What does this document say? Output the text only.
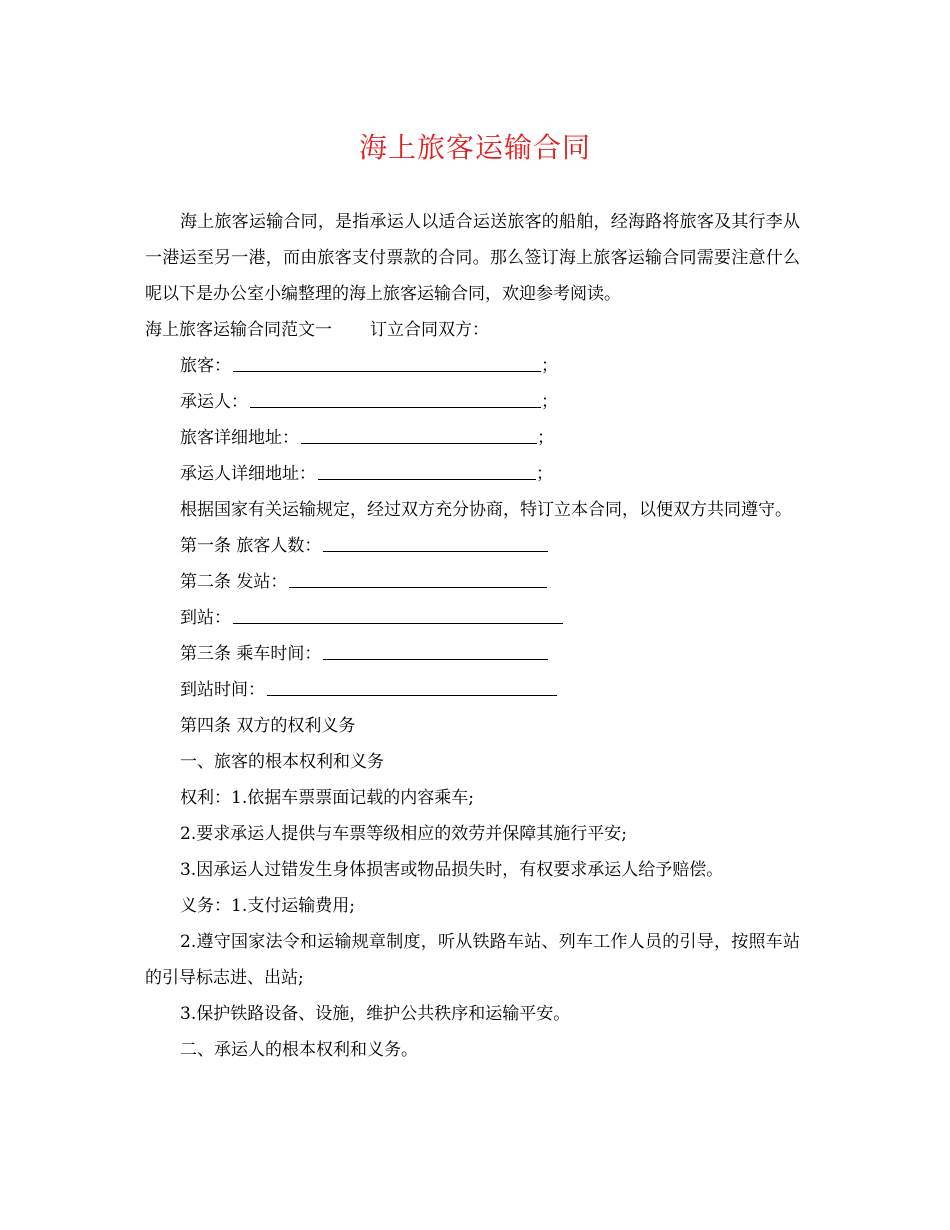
海上旅客运输合同

海上旅客运输合同，是指承运人以适合运送旅客的船舶，经海路将旅客及其行李从一港运至另一港，而由旅客支付票款的合同。那么签订海上旅客运输合同需要注意什么呢以下是办公室小编整理的海上旅客运输合同，欢迎参考阅读。

海上旅客运输合同范文一 订立合同双方：

旅客：	；

承运人：	；

旅客详细地址：	；

承运人详细地址：	；

根据国家有关运输规定，经过双方充分协商，特订立本合同，以便双方共同遵守。

第一条 旅客人数：

第二条 发站：

到站：

第三条 乘车时间：

到站时间：

第四条 双方的权利义务

一、旅客的根本权利和义务

权利：1.依据车票票面记载的内容乘车;

2.要求承运人提供与车票等级相应的效劳并保障其施行平安;

3.因承运人过错发生身体损害或物品损失时，有权要求承运人给予赔偿。

义务：1.支付运输费用;

2.遵守国家法令和运输规章制度，听从铁路车站、列车工作人员的引导，按照车站的引导标志进、出站;

3.保护铁路设备、设施，维护公共秩序和运输平安。

二、承运人的根本权利和义务。
